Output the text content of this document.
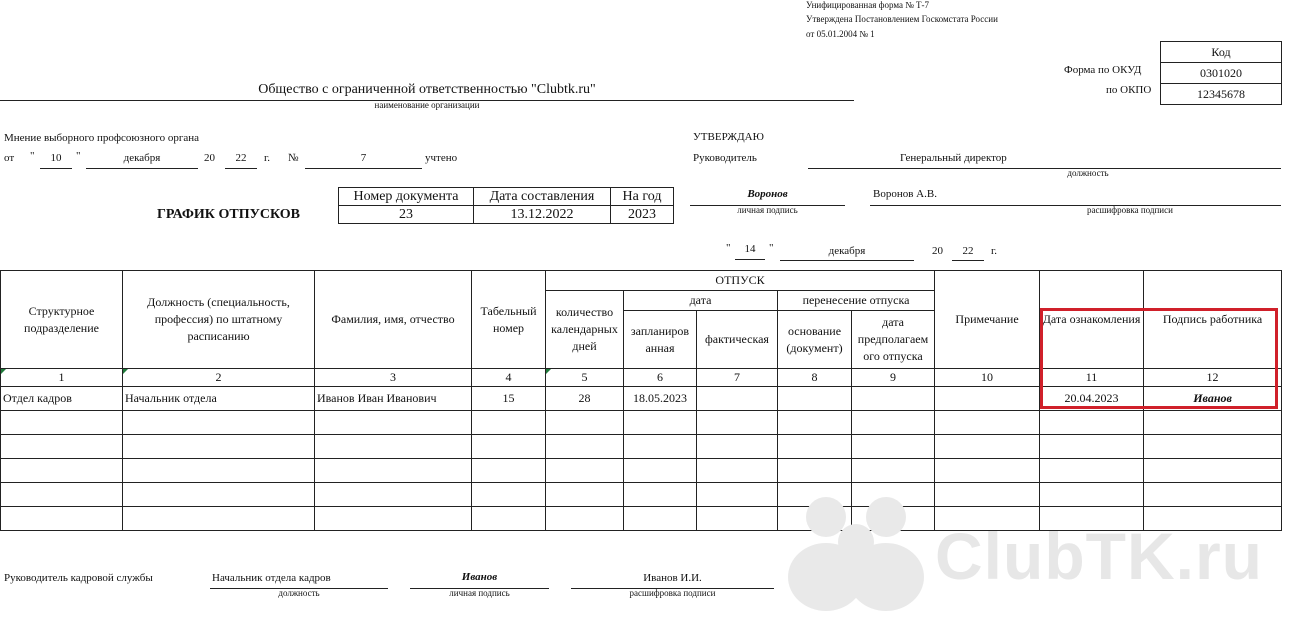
Унифицированная форма № Т-7
Утверждена Постановлением Госкомстата России
от 05.01.2004 № 1
Код
0301020
12345678
Форма по ОКУД
по ОКПО
Общество с ограниченной ответственностью "Clubtk.ru"
наименование организации
Мнение выборного профсоюзного органа
от "	10	"	декабря	20	22	г. №	7	учтено
ГРАФИК ОТПУСКОВ
Номер документа	Дата составления	На год
23	13.12.2022	2023
УТВЕРЖДАЮ
Руководитель	Генеральный директор
должность
Воронов
личная подпись
Воронов А.В.
расшифровка подписи
"	14	"	декабря	20	22	г.
Структурное подразделение	Должность (специальность, профессия) по штатному расписанию	Фамилия, имя, отчество	Табельный номер	ОТПУСК					Примечание	Дата ознакомления	Подпись работника
				количество календарных дней	дата		перенесение отпуска				
					запланиров анная	фактическая	основание (документ)	дата предполагаем ого отпуска			
1	2	3	4	5	6	7	8	9	10	11	12
Отдел кадров	Начальник отдела	Иванов Иван Иванович	15	28	18.05.2023					20.04.2023	Иванов

ClubTK.ru
Руководитель кадровой службы	Начальник отдела кадров
должность
Иванов
личная подпись
Иванов И.И.
расшифровка подписи
